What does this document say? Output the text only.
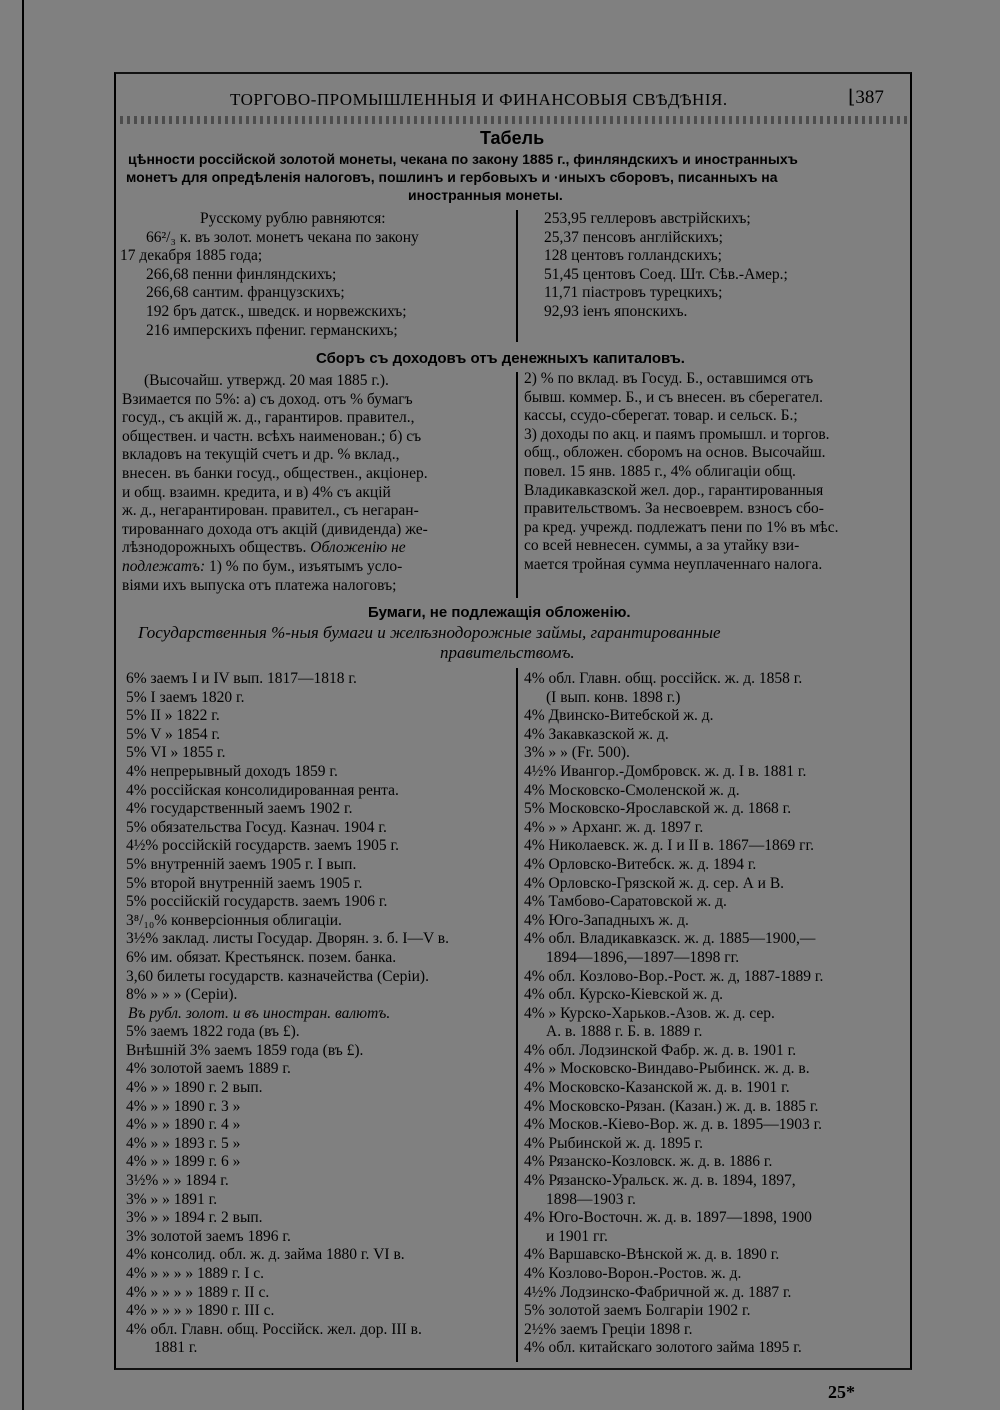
ТОРГОВО-ПРОМЫШЛЕННЫЯ И ФИНАНСОВЫЯ СВѢДѢНІЯ.	⌊387
Табель
цѣнности россійской золотой монеты, чекана по закону 1885 г., финляндскихъ и иностранныхъ
монетъ для опредѣленія налоговъ, пошлинъ и гербовыхъ и ·иныхъ сборовъ, писанныхъ на
иностранныя монеты.
Русскому рублю равняются:
66²/₃ к. въ золот. монетъ чекана по закону
17 декабря 1885 года;
266,68 пенни финляндскихъ;
266,68 сантим. французскихъ;
192 бръ датск., шведск. и норвежскихъ;
216 имперскихъ пфениг. германскихъ;
253,95 геллеровъ австрійскихъ;
25,37 пенсовъ англійскихъ;
128 центовъ голландскихъ;
51,45 центовъ Соед. Шт. Сѣв.-Амер.;
11,71 піастровъ турецкихъ;
92,93 іенъ японскихъ.
Сборъ съ доходовъ отъ денежныхъ капиталовъ.
(Высочайш. утвержд. 20 мая 1885 г.).
Взимается по 5%: а) съ доход. отъ % бумагъ
госуд., съ акцій ж. д., гарантиров. правител.,
обществен. и частн. всѣхъ наименован.; б) съ
вкладовъ на текущій счетъ и др. % вклад.,
внесен. въ банки госуд., обществен., акціонер.
и общ. взаимн. кредита, и в) 4% съ акцій
ж. д., негарантирован. правител., съ негаран-
тированнаго дохода отъ акцій (дивиденда) же-
лѣзнодорожныхъ обществъ. Обложенію не
подлежатъ: 1) % по бум., изъятымъ усло-
віями ихъ выпуска отъ платежа налоговъ;
2) % по вклад. въ Госуд. Б., оставшимся отъ
бывш. коммер. Б., и съ внесен. въ сберегател.
кассы, ссудо-сберегат. товар. и сельск. Б.;
3) доходы по акц. и паямъ промышл. и торгов.
общ., обложен. сборомъ на основ. Высочайш.
повел. 15 янв. 1885 г., 4% облигаціи общ.
Владикавказской жел. дор., гарантированныя
правительствомъ. За несвоеврем. взносъ сбо-
ра кред. учрежд. подлежатъ пени по 1% въ мѣс.
со всей невнесен. суммы, а за утайку взи-
мается тройная сумма неуплаченнаго налога.
Бумаги, не подлежащія обложенію.
Государственныя %-ныя бумаги и желѣзнодорожные займы, гарантированные
правительствомъ.
6% заемъ I и IV вып. 1817—1818 г.
5% I заемъ 1820 г.
5% II » 1822 г.
5% V » 1854 г.
5% VI » 1855 г.
4% непрерывный доходъ 1859 г.
4% россійская консолидированная рента.
4% государственный заемъ 1902 г.
5% обязательства Госуд. Казнач. 1904 г.
4½% россійскій государств. заемъ 1905 г.
5% внутренній заемъ 1905 г. I вып.
5% второй внутренній заемъ 1905 г.
5% россійскій государств. заемъ 1906 г.
3⁸/₁₀% конверсіонныя облигаціи.
3½% заклад. листы Государ. Дворян. з. б. I—V в.
6% им. обязат. Крестьянск. позем. банка.
3,60 билеты государств. казначейства (Серіи).
8% » » » (Серіи).
Въ рубл. золот. и въ иностран. валютъ.
5% заемъ 1822 года (въ £).
Внѣшній 3% заемъ 1859 года (въ £).
4% золотой заемъ 1889 г.
4% » » 1890 г. 2 вып.
4% » » 1890 г. 3 »
4% » » 1890 г. 4 »
4% » » 1893 г. 5 »
4% » » 1899 г. 6 »
3½% » » 1894 г.
3% » » 1891 г.
3% » » 1894 г. 2 вып.
3% золотой заемъ 1896 г.
4% консолид. обл. ж. д. займа 1880 г. VI в.
4% » » » » 1889 г. I с.
4% » » » » 1889 г. II с.
4% » » » » 1890 г. III с.
4% обл. Главн. общ. Россійск. жел. дор. III в.
1881 г.
4% обл. Главн. общ. россійск. ж. д. 1858 г.
(I вып. конв. 1898 г.)
4% Двинско-Витебской ж. д.
4% Закавказской ж. д.
3% » » (Fr. 500).
4½% Ивангор.-Домбровск. ж. д. I в. 1881 г.
4% Московско-Смоленской ж. д.
5% Московско-Ярославской ж. д. 1868 г.
4% » » Арханг. ж. д. 1897 г.
4% Николаевск. ж. д. I и II в. 1867—1869 гг.
4% Орловско-Витебск. ж. д. 1894 г.
4% Орловско-Грязской ж. д. сер. А и В.
4% Тамбово-Саратовской ж. д.
4% Юго-Западныхъ ж. д.
4% обл. Владикавказск. ж. д. 1885—1900,—
1894—1896,—1897—1898 гг.
4% обл. Козлово-Вор.-Рост. ж. д, 1887-1889 г.
4% обл. Курско-Кіевской ж. д.
4% » Курско-Харьков.-Азов. ж. д. сер.
А. в. 1888 г. Б. в. 1889 г.
4% обл. Лодзинской Фабр. ж. д. в. 1901 г.
4% » Московско-Виндаво-Рыбинск. ж. д. в.
4% Московско-Казанской ж. д. в. 1901 г.
4% Московско-Рязан. (Казан.) ж. д. в. 1885 г.
4% Москов.-Кіево-Вор. ж. д. в. 1895—1903 г.
4% Рыбинской ж. д. 1895 г.
4% Рязанско-Козловск. ж. д. в. 1886 г.
4% Рязанско-Уральск. ж. д. в. 1894, 1897,
1898—1903 г.
4% Юго-Восточн. ж. д. в. 1897—1898, 1900
и 1901 гг.
4% Варшавско-Вѣнской ж. д. в. 1890 г.
4% Козлово-Ворон.-Ростов. ж. д.
4½% Лодзинско-Фабричной ж. д. 1887 г.
5% золотой заемъ Болгаріи 1902 г.
2½% заемъ Греціи 1898 г.
4% обл. китайскаго золотого займа 1895 г.
25*
